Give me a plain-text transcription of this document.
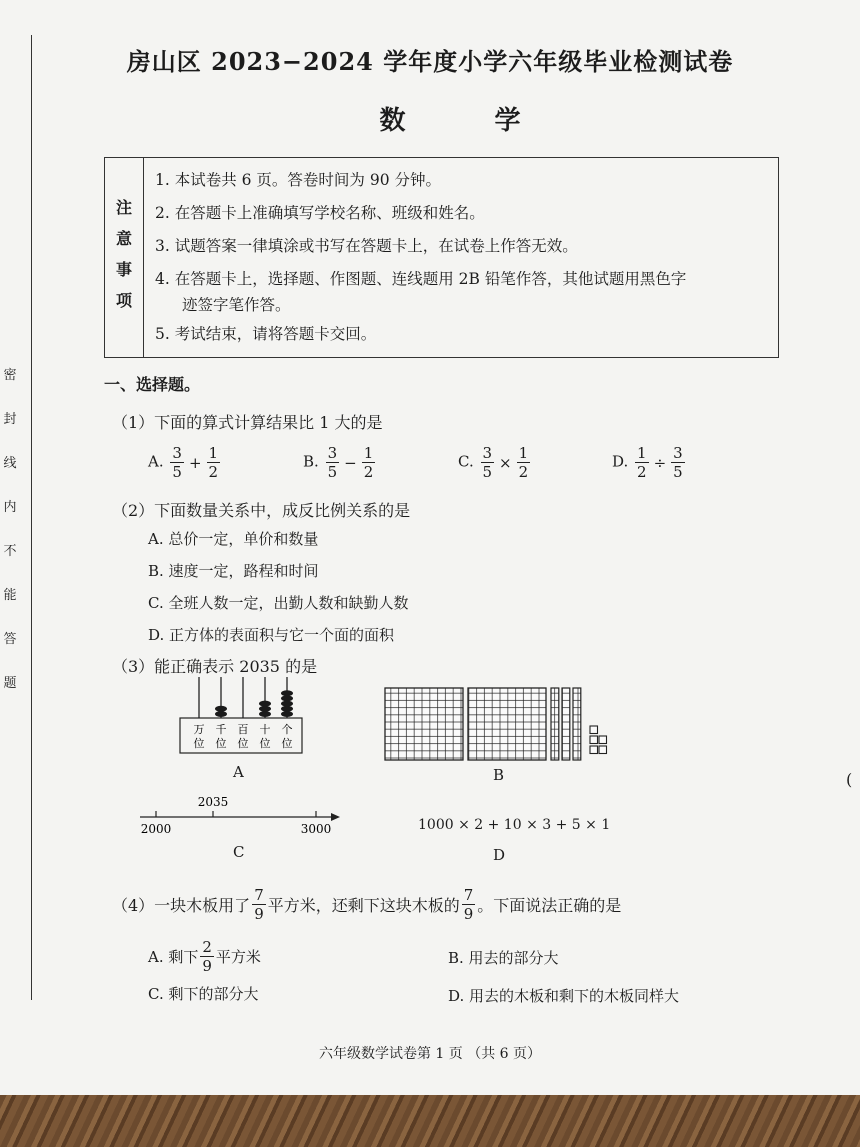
密
封
线
内
不
能
答
题
房山区 2023−2024 学年度小学六年级毕业检测试卷
数 学
注
意
事
项
1. 本试卷共 6 页。答卷时间为 90 分钟。
2. 在答题卡上准确填写学校名称、班级和姓名。
3. 试题答案一律填涂或书写在答题卡上，在试卷上作答无效。
4. 在答题卡上，选择题、作图题、连线题用 2B 铅笔作答，其他试题用黑色字
迹签字笔作答。
5. 考试结束，请将答题卡交回。
一、选择题。
（1）下面的算式计算结果比 1 大的是
A. $\frac{3}{5} + \frac{1}{2}$	B. $\frac{3}{5} - \frac{1}{2}$	C. $\frac{3}{5} \times \frac{1}{2}$	D. $\frac{1}{2} \div \frac{3}{5}$
（2）下面数量关系中，成反比例关系的是
A. 总价一定，单价和数量
B. 速度一定，路程和时间
C. 全班人数一定，出勤人数和缺勤人数
D. 正方体的表面积与它一个面的面积
（3）能正确表示 2035 的是
万
位
千
位
百
位
十
位
个
位
A	B
2000
2035
3000
C
1000 × 2 + 10 × 3 + 5 × 1
D
（4）一块木板用了 $\frac{7}{9}$ 平方米，还剩下这块木板的 $\frac{7}{9}$ 。下面说法正确的是
A. 剩下 $\frac{2}{9}$ 平方米	B. 用去的部分大
C. 剩下的部分大	D. 用去的木板和剩下的木板同样大
六年级数学试卷第 1 页 （共 6 页）
(
